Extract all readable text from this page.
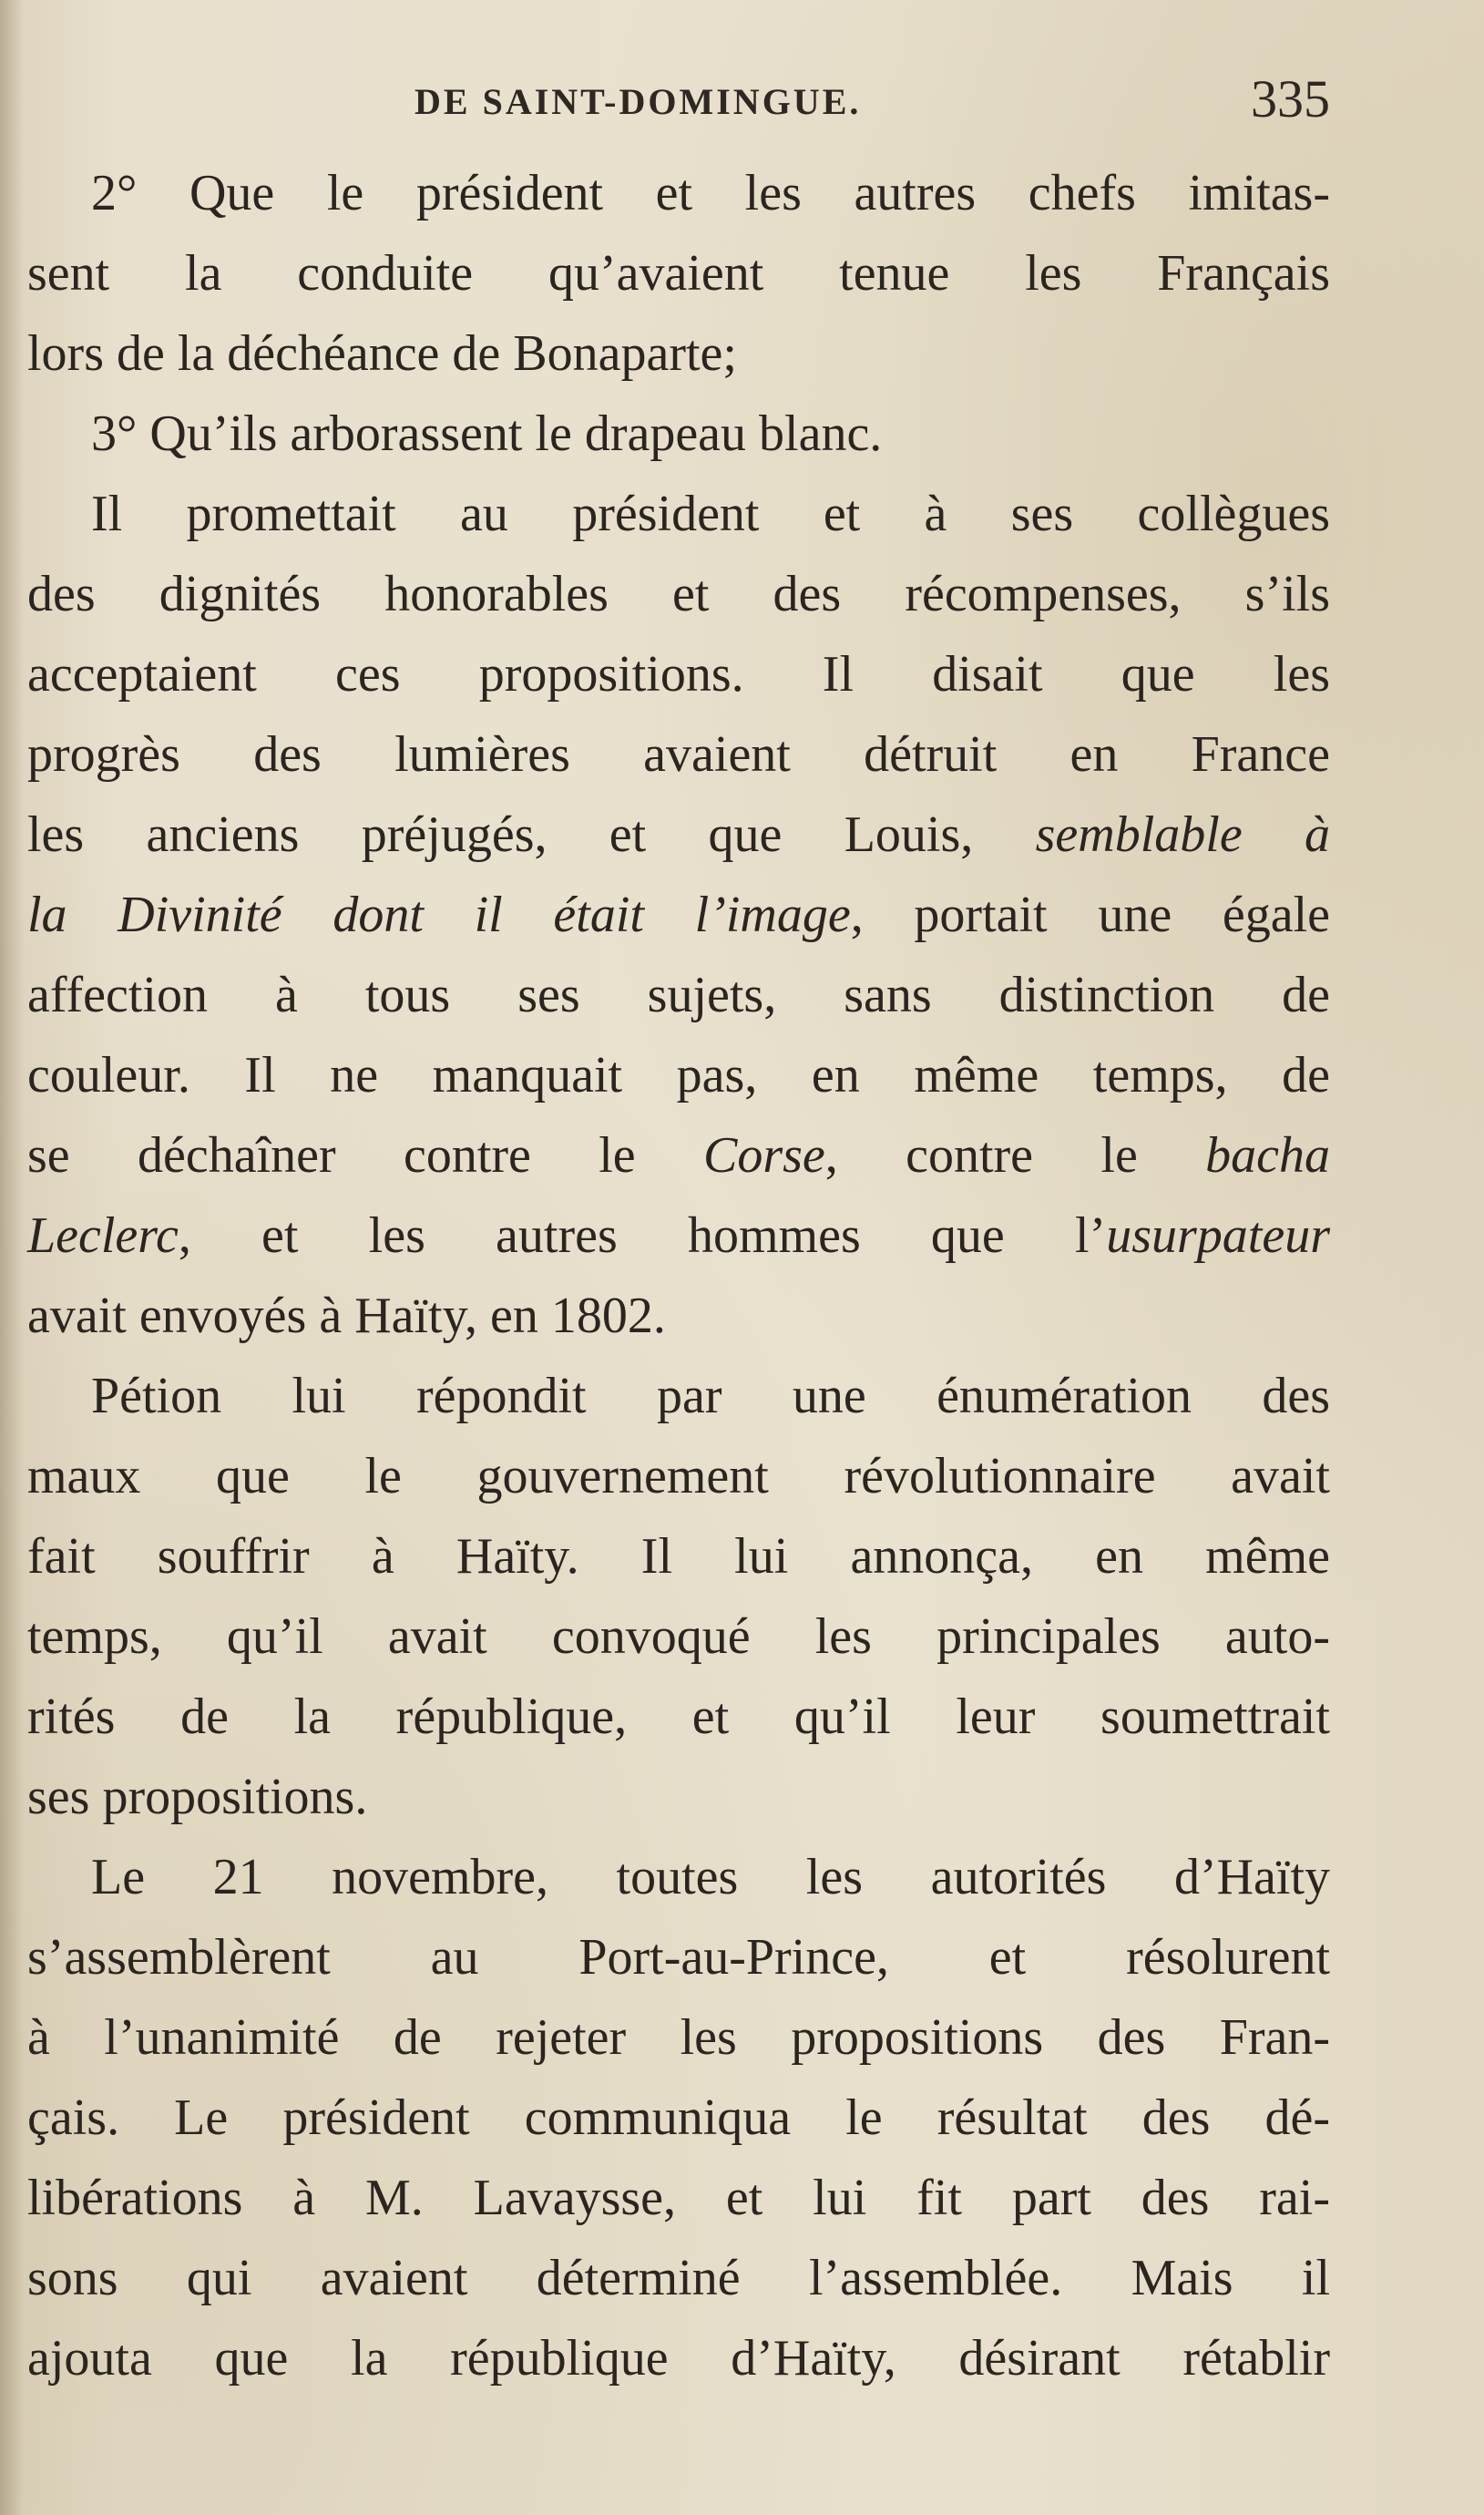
DE SAINT-DOMINGUE.	335
2° Que le président et les autres chefs imitas-
sent la conduite qu’avaient tenue les Français
lors de la déchéance de Bonaparte;
3° Qu’ils arborassent le drapeau blanc.
Il promettait au président et à ses collègues
des dignités honorables et des récompenses, s’ils
acceptaient ces propositions. Il disait que les
progrès des lumières avaient détruit en France
les anciens préjugés, et que Louis, semblable à
la Divinité dont il était l’image, portait une égale
affection à tous ses sujets, sans distinction de
couleur. Il ne manquait pas, en même temps, de
se déchaîner contre le Corse, contre le bacha
Leclerc, et les autres hommes que l’usurpateur
avait envoyés à Haïty, en 1802.
Pétion lui répondit par une énumération des
maux que le gouvernement révolutionnaire avait
fait souffrir à Haïty. Il lui annonça, en même
temps, qu’il avait convoqué les principales auto-
rités de la république, et qu’il leur soumettrait
ses propositions.
Le 21 novembre, toutes les autorités d’Haïty
s’assemblèrent au Port-au-Prince, et résolurent
à l’unanimité de rejeter les propositions des Fran-
çais. Le président communiqua le résultat des dé-
libérations à M. Lavaysse, et lui fit part des rai-
sons qui avaient déterminé l’assemblée. Mais il
ajouta que la république d’Haïty, désirant rétablir
